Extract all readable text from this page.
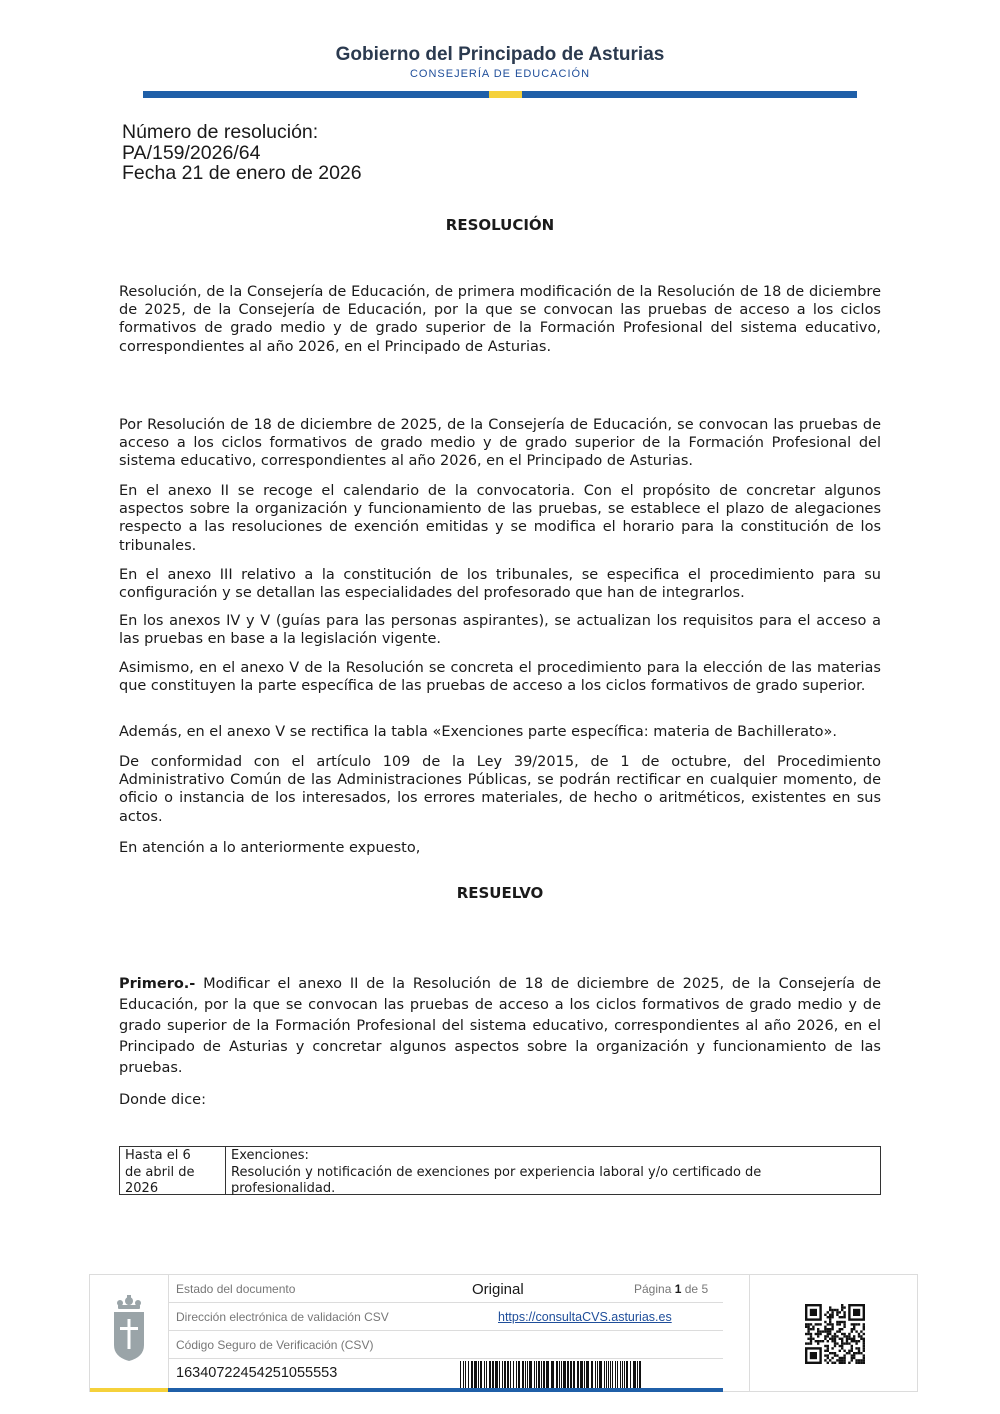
Gobierno del Principado de Asturias
CONSEJERÍA DE EDUCACIÓN
Número de resolución:
PA/159/2026/64
Fecha 21 de enero de 2026
RESOLUCIÓN
Resolución, de la Consejería de Educación, de primera modificación de la Resolución de 18 de diciembre de 2025, de la Consejería de Educación, por la que se convocan las pruebas de acceso a los ciclos formativos de grado medio y de grado superior de la Formación Profesional del sistema educativo, correspondientes al año 2026, en el Principado de Asturias.
Por Resolución de 18 de diciembre de 2025, de la Consejería de Educación, se convocan las pruebas de acceso a los ciclos formativos de grado medio y de grado superior de la Formación Profesional del sistema educativo, correspondientes al año 2026, en el Principado de Asturias.
En el anexo II se recoge el calendario de la convocatoria. Con el propósito de concretar algunos aspectos sobre la organización y funcionamiento de las pruebas, se establece el plazo de alegaciones respecto a las resoluciones de exención emitidas y se modifica el horario para la constitución de los tribunales.
En el anexo III relativo a la constitución de los tribunales, se especifica el procedimiento para su configuración y se detallan las especialidades del profesorado que han de integrarlos.
En los anexos IV y V (guías para las personas aspirantes), se actualizan los requisitos para el acceso a las pruebas en base a la legislación vigente.
Asimismo, en el anexo V de la Resolución se concreta el procedimiento para la elección de las materias que constituyen la parte específica de las pruebas de acceso a los ciclos formativos de grado superior.
Además, en el anexo V se rectifica la tabla «Exenciones parte específica: materia de Bachillerato».
De conformidad con el artículo 109 de la Ley 39/2015, de 1 de octubre, del Procedimiento Administrativo Común de las Administraciones Públicas, se podrán rectificar en cualquier momento, de oficio o instancia de los interesados, los errores materiales, de hecho o aritméticos, existentes en sus actos.
En atención a lo anteriormente expuesto,
RESUELVO
Primero.- Modificar el anexo II de la Resolución de 18 de diciembre de 2025, de la Consejería de Educación, por la que se convocan las pruebas de acceso a los ciclos formativos de grado medio y de grado superior de la Formación Profesional del sistema educativo, correspondientes al año 2026, en el Principado de Asturias y concretar algunos aspectos sobre la organización y funcionamiento de las pruebas.
Donde dice:
Hasta el 6
de abril de
2026
Exenciones:
Resolución y notificación de exenciones por experiencia laboral y/o certificado de
profesionalidad.
Estado del documento	Original	Página 1 de 5
Dirección electrónica de validación CSV	https://consultaCVS.asturias.es
Código Seguro de Verificación (CSV)
16340722454251055553
